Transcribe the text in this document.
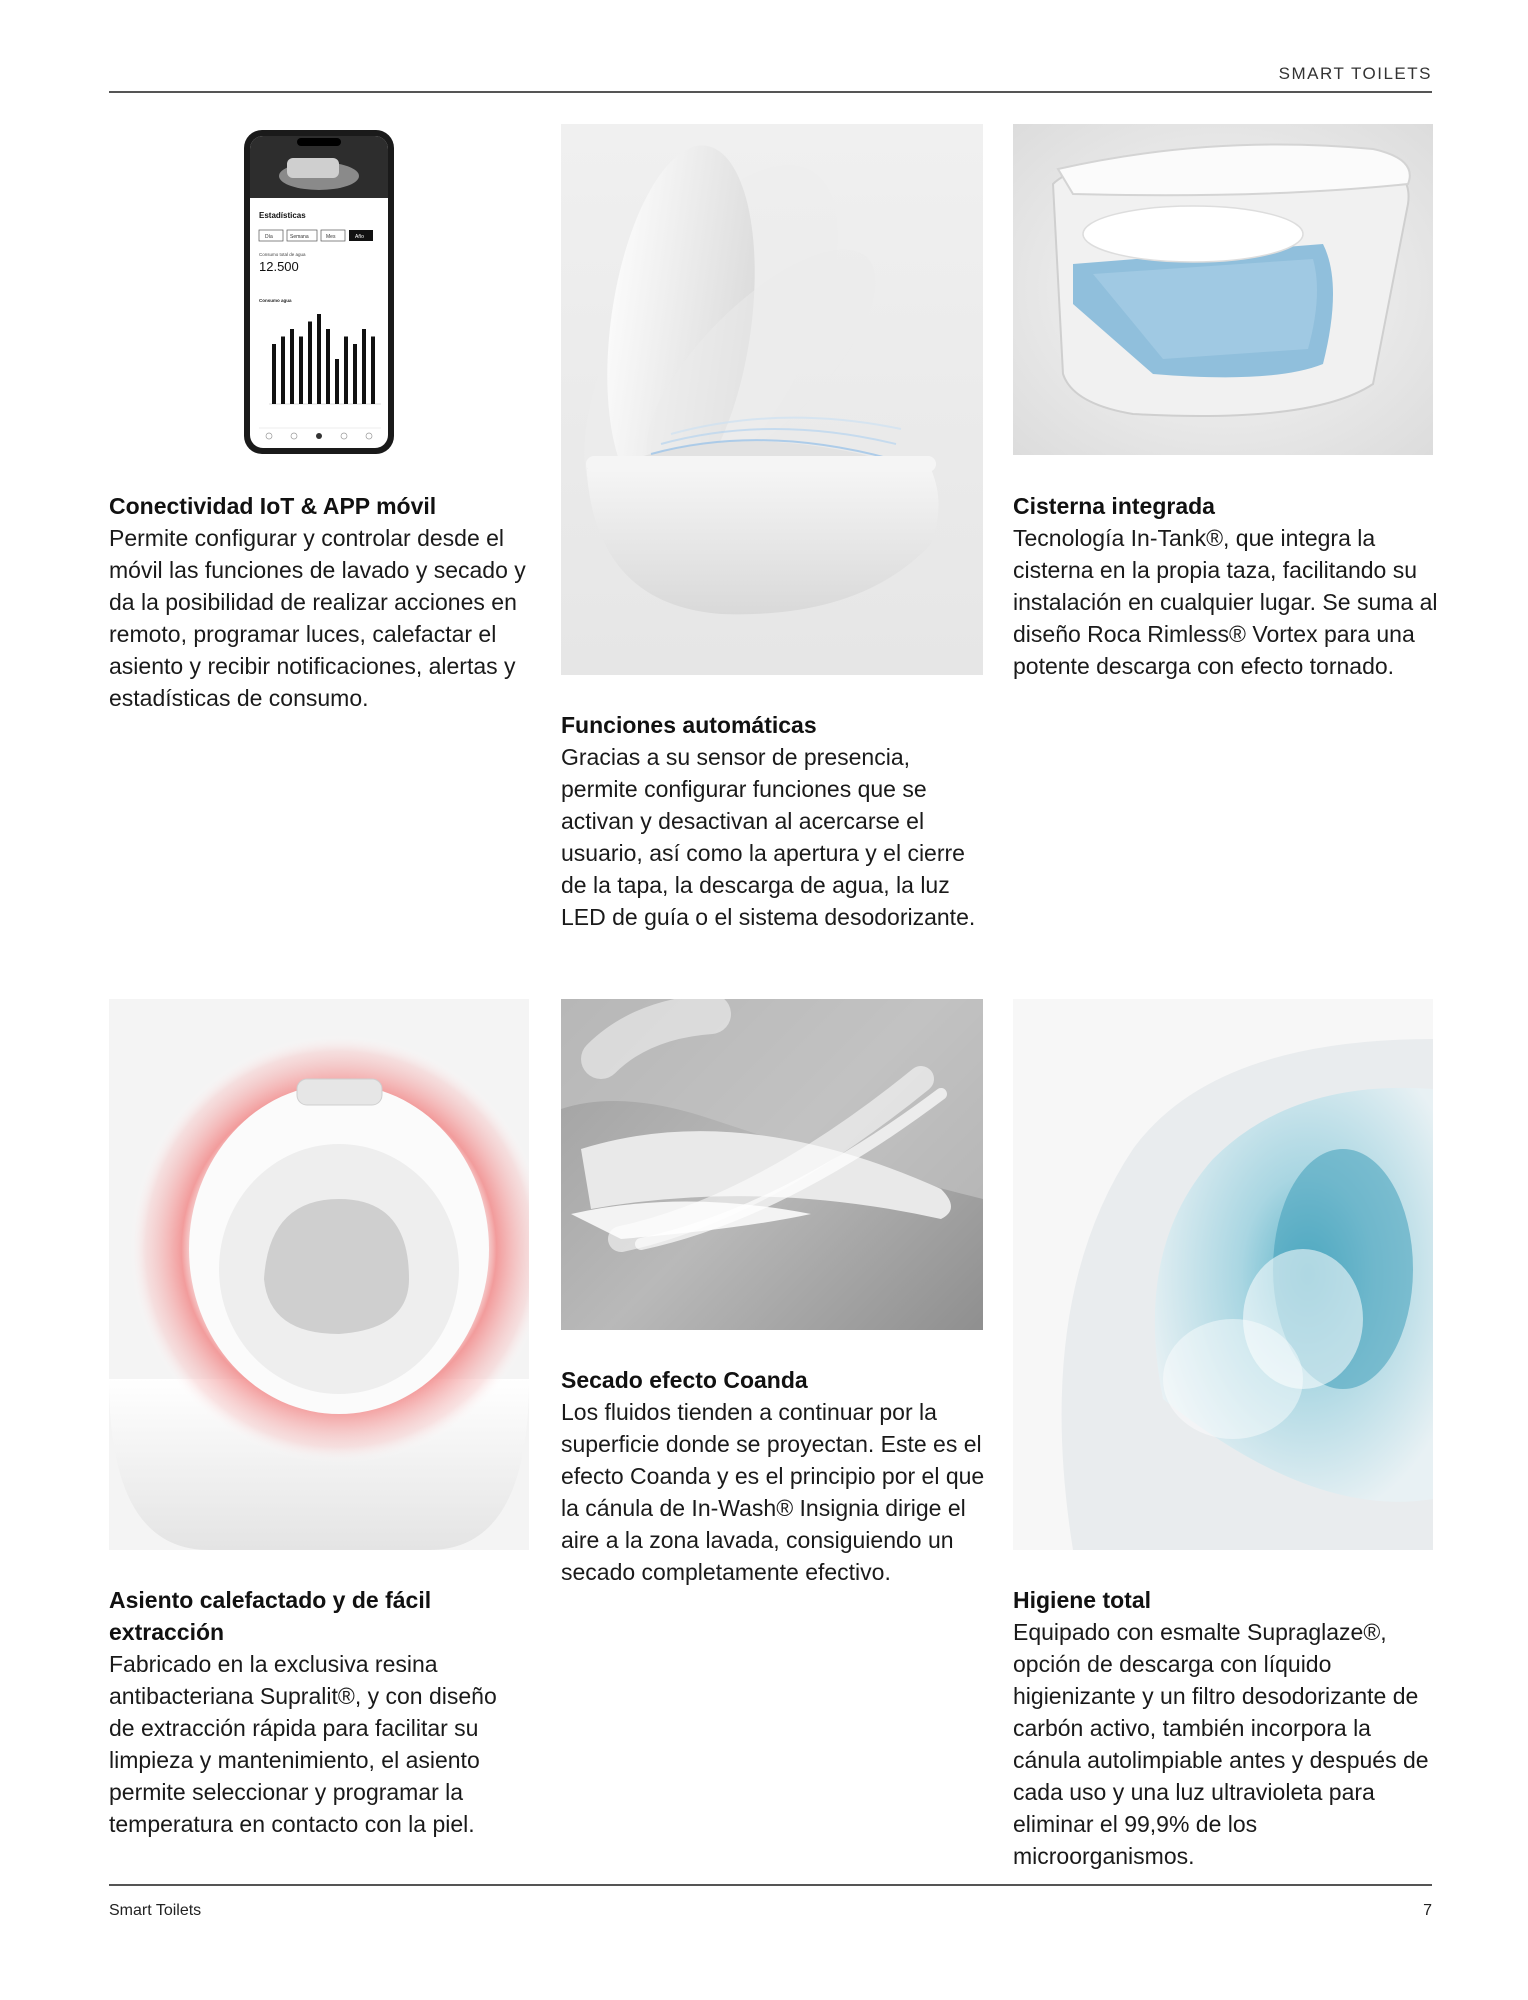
SMART TOILETS
Estadísticas
Día	Semana	Mes	Año
Consumo total de agua
12.500
Consumo agua
Conectividad IoT & APP móvil

Permite configurar y controlar desde el móvil las funciones de lavado y secado y da la posibilidad de realizar acciones en remoto, programar luces, calefactar el asiento y recibir notificaciones, alertas y estadísticas de consumo.

Funciones automáticas

Gracias a su sensor de presencia, permite configurar funciones que se activan y desactivan al acercarse el usuario, así como la apertura y el cierre de la tapa, la descarga de agua, la luz LED de guía o el sistema desodorizante.

Cisterna integrada

Tecnología In-Tank®, que integra la cisterna en la propia taza, facilitando su instalación en cualquier lugar. Se suma al diseño Roca Rimless® Vortex para una potente descarga con efecto tornado.

Asiento calefactado y de fácil extracción

Fabricado en la exclusiva resina antibacteriana Supralit®, y con diseño de extracción rápida para facilitar su limpieza y mantenimiento, el asiento permite seleccionar y programar la temperatura en contacto con la piel.

Secado efecto Coanda

Los fluidos tienden a continuar por la superficie donde se proyectan. Este es el efecto Coanda y es el principio por el que la cánula de In-Wash® Insignia dirige el aire a la zona lavada, consiguiendo un secado completamente efectivo.

Higiene total

Equipado con esmalte Supraglaze®, opción de descarga con líquido higienizante y un filtro desodorizante de carbón activo, también incorpora la cánula autolimpiable antes y después de cada uso y una luz ultravioleta para eliminar el 99,9% de los microorganismos.

Smart Toilets	7
